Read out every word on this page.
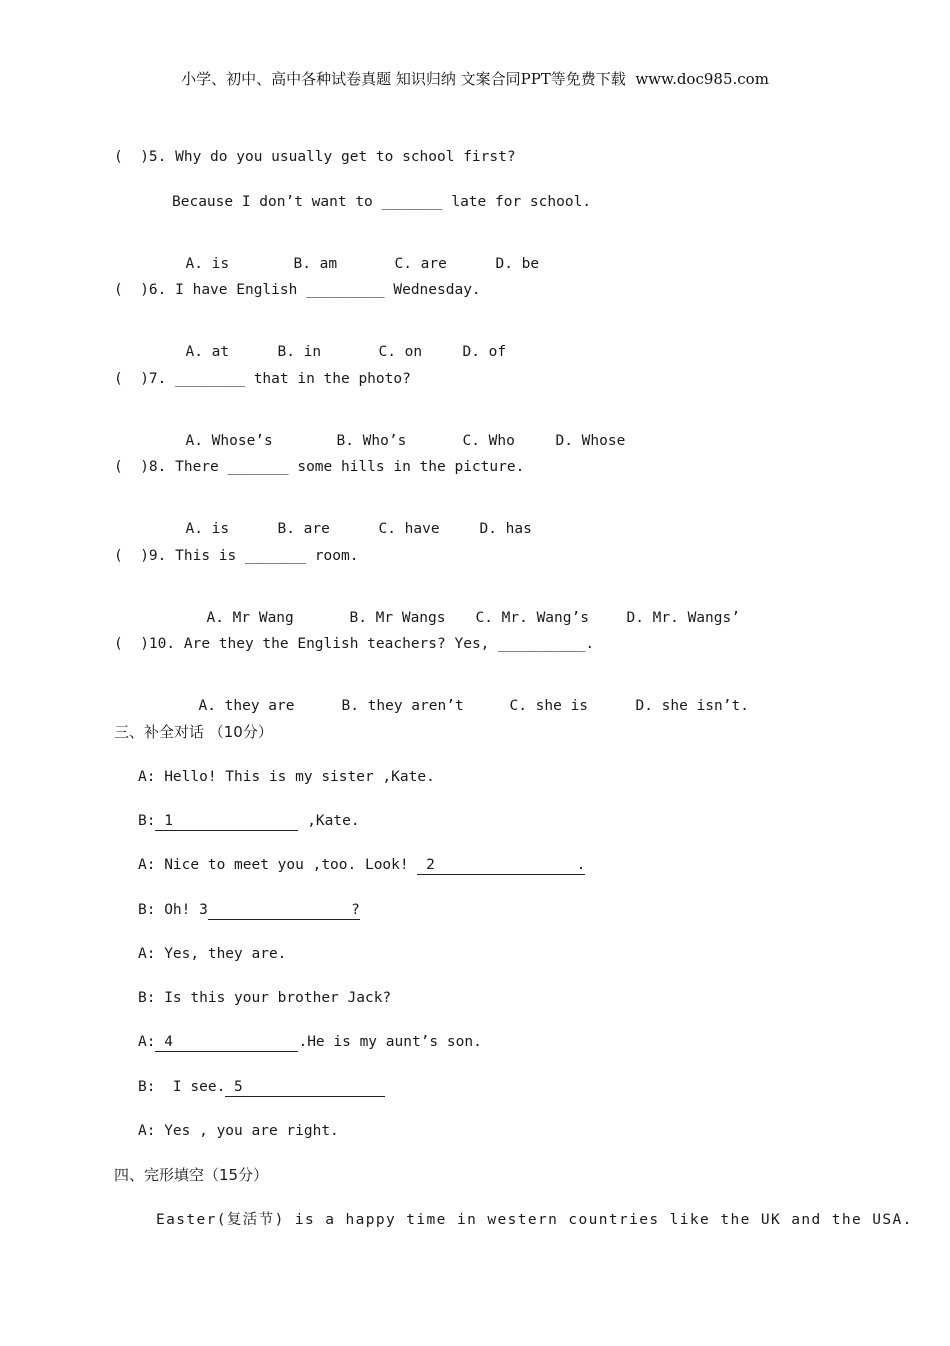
小学、初中、高中各种试卷真题 知识归纳 文案合同PPT等免费下载  www.doc985.com
(  )5. Why do you usually get to school first?
Because I don’t want to _______ late for school.

A. is	B. am	C. are	D. be

(  )6. I have English _________ Wednesday.

A. at	B. in	C. on	D. of

(  )7. ________ that in the photo?

A. Whose’s	B. Who’s	C. Who	D. Whose

(  )8. There _______ some hills in the picture.

A. is	B. are	C. have	D. has

(  )9. This is _______ room.

A. Mr Wang	B. Mr Wangs C. Mr. Wang’s	D. Mr. Wangs’

(  )10. Are they the English teachers? Yes, __________.

A. they are	B. they aren’t	C. she is	D. she isn’t.

三、补全对话 （10分）
A: Hello! This is my sister ,Kate.
B: 1	,Kate.
A: Nice to meet you ,too. Look!  2	.
B: Oh! 3	?
A: Yes, they are.
B: Is this your brother Jack?
A: 4	.He is my aunt’s son.
B:  I see. 5
A: Yes , you are right.
四、完形填空（15分）
Easter(复活节) is a happy time in western countries like the UK and the USA.
